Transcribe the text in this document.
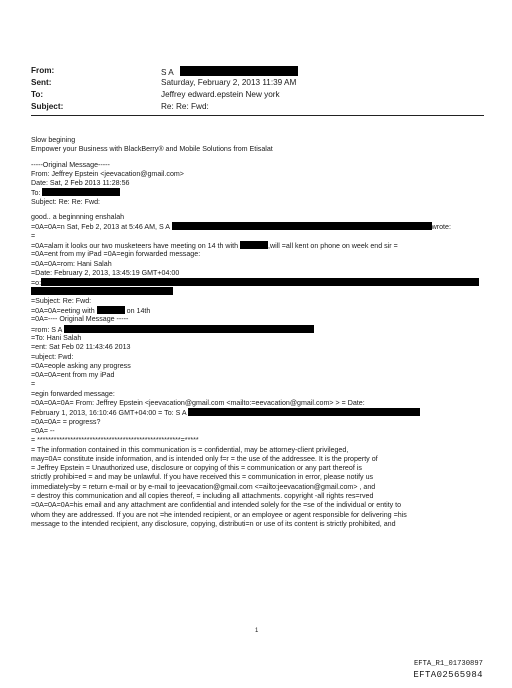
From:	S A
Sent:	Saturday, February 2, 2013 11:39 AM
To:	Jeffrey edward.epstein New york
Subject:	Re: Re: Fwd:
Slow begining
Empower your Business with BlackBerry® and Mobile Solutions from Etisalat
-----Original Message-----
From: Jeffrey Epstein <jeevacation@gmail.com>
Date: Sat, 2 Feb 2013 11:28:56
To:
Subject: Re: Re: Fwd:
good.. a beginnning enshalah
=0A=0A=n Sat, Feb 2, 2013 at 5:46 AM, S A	wrote:
=
=0A=alam it looks our two musketeers have meeting on 14 th with	,will =all kent on phone on week end sir =
=0A=ent from my iPad =0A=egin forwarded message:
=0A=0A=rom: Hani Salah
=Date: February 2, 2013, 13:45:19 GMT+04:00
=o:
=Subject: Re: Fwd:
=0A=0A=eeting with	on 14th
=0A=---- Original Message -----
=rom: S A
=To: Hani Salah
=ent: Sat Feb 02 11:43:46 2013
=ubject: Fwd:
=0A=eople asking any progress
=0A=0A=ent from my iPad
=
=egin forwarded message:
=0A=0A=0A= From: Jeffrey Epstein <jeevacation@gmail.com <mailto:=eevacation@gmail.com> > = Date:
February 1, 2013, 16:10:46 GMT+04:00 = To: S A
=0A=0A= = progress?
=0A= --
= ****************************************************=*****
= The information contained in this communication is = confidential, may be attorney-client privileged,
may=0A= constitute inside information, and is intended only f=r = the use of the addressee. It is the property of
= Jeffrey Epstein = Unauthorized use, disclosure or copying of this = communication or any part thereof is
strictly prohibi=ed = and may be unlawful. If you have received this = communication in error, please notify us
immediately=by = return e-mail or by e-mail to jeevacation@gmail.com <=ailto:jeevacation@gmail.com> , and
= destroy this communication and all copies thereof, = including all attachments. copyright -all rights res=rved
=0A=0A=0A=his email and any attachment are confidential and intended solely for the =se of the individual or entity to
whom they are addressed. If you are not =he intended recipient, or an employee or agent responsible for delivering =his
message to the intended recipient, any disclosure, copying, distributi=n or use of its content is strictly prohibited, and
1
EFTA_R1_01730897
EFTA02565984
